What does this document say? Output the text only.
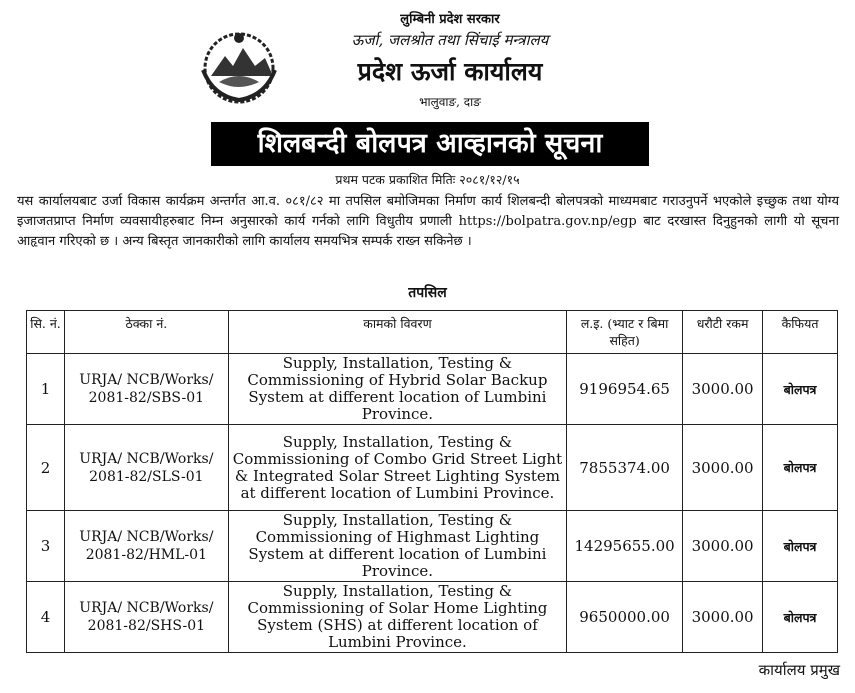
लुम्बिनी प्रदेश सरकार
ऊर्जा, जलश्रोत तथा सिंचाई मन्त्रालय
प्रदेश ऊर्जा कार्यालय
भालुवाङ, दाङ
शिलबन्दी बोलपत्र आव्हानको सूचना
प्रथम पटक प्रकाशित मितिः २०८१/१२/१५
यस कार्यालयबाट उर्जा विकास कार्यक्रम अन्तर्गत आ.व. ०८१/८२ मा तपसिल बमोजिमका निर्माण कार्य शिलबन्दी बोलपत्रको माध्यमबाट गराउनुपर्ने भएकोले इच्छुक तथा योग्य इजाजतप्राप्त निर्माण व्यवसायीहरुबाट निम्न अनुसारको कार्य गर्नको लागि विधुतीय प्रणाली https://bolpatra.gov.np/egp बाट दरखास्त दिनुहुनको लागी यो सूचना आहृवान गरिएको छ । अन्य बिस्तृत जानकारीको लागि कार्यालय समयभित्र सम्पर्क राख्न सकिनेछ ।
तपसिल
सि. नं.	ठेक्का नं.	कामको विवरण	ल.इ. (भ्याट र बिमा सहित)	धरौटी रकम	कैफियत
1	URJA/ NCB/Works/ 2081-82/SBS-01	Supply, Installation, Testing & Commissioning of Hybrid Solar Backup System at different location of Lumbini Province.	9196954.65	3000.00	बोलपत्र
2	URJA/ NCB/Works/ 2081-82/SLS-01	Supply, Installation, Testing & Commissioning of Combo Grid Street Light & Integrated Solar Street Lighting System at different location of Lumbini Province.	7855374.00	3000.00	बोलपत्र
3	URJA/ NCB/Works/ 2081-82/HML-01	Supply, Installation, Testing & Commissioning of Highmast Lighting System at different location of Lumbini Province.	14295655.00	3000.00	बोलपत्र
4	URJA/ NCB/Works/ 2081-82/SHS-01	Supply, Installation, Testing & Commissioning of Solar Home Lighting System (SHS) at different location of Lumbini Province.	9650000.00	3000.00	बोलपत्र
कार्यालय प्रमुख
